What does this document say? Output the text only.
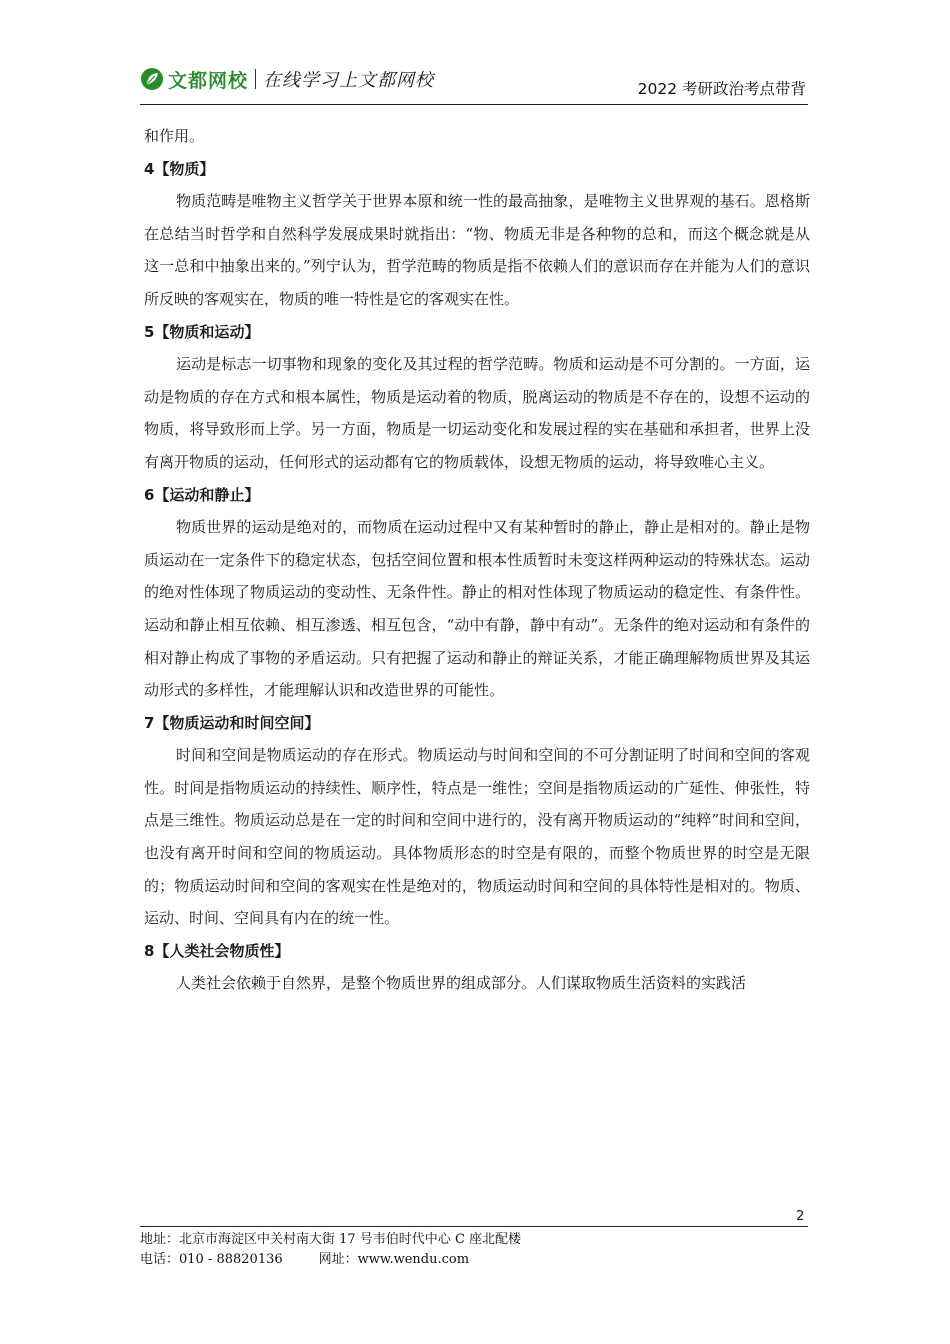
文都网校 在线学习上文都网校	2022 考研政治考点带背

和作用。

4【物质】

物质范畴是唯物主义哲学关于世界本原和统一性的最高抽象，是唯物主义世界观的基石。恩格斯在总结当时哲学和自然科学发展成果时就指出：“物、物质无非是各种物的总和，而这个概念就是从这一总和中抽象出来的。”列宁认为，哲学范畴的物质是指不依赖人们的意识而存在并能为人们的意识所反映的客观实在，物质的唯一特性是它的客观实在性。

5【物质和运动】

运动是标志一切事物和现象的变化及其过程的哲学范畴。物质和运动是不可分割的。一方面，运动是物质的存在方式和根本属性，物质是运动着的物质，脱离运动的物质是不存在的，设想不运动的物质，将导致形而上学。另一方面，物质是一切运动变化和发展过程的实在基础和承担者，世界上没有离开物质的运动，任何形式的运动都有它的物质载体，设想无物质的运动，将导致唯心主义。

6【运动和静止】

物质世界的运动是绝对的，而物质在运动过程中又有某种暂时的静止，静止是相对的。静止是物质运动在一定条件下的稳定状态，包括空间位置和根本性质暂时未变这样两种运动的特殊状态。运动的绝对性体现了物质运动的变动性、无条件性。静止的相对性体现了物质运动的稳定性、有条件性。运动和静止相互依赖、相互渗透、相互包含，“动中有静，静中有动”。无条件的绝对运动和有条件的相对静止构成了事物的矛盾运动。只有把握了运动和静止的辩证关系，才能正确理解物质世界及其运动形式的多样性，才能理解认识和改造世界的可能性。

7【物质运动和时间空间】

时间和空间是物质运动的存在形式。物质运动与时间和空间的不可分割证明了时间和空间的客观性。时间是指物质运动的持续性、顺序性，特点是一维性；空间是指物质运动的广延性、伸张性，特点是三维性。物质运动总是在一定的时间和空间中进行的，没有离开物质运动的“纯粹”时间和空间，也没有离开时间和空间的物质运动。具体物质形态的时空是有限的，而整个物质世界的时空是无限的；物质运动时间和空间的客观实在性是绝对的，物质运动时间和空间的具体特性是相对的。物质、运动、时间、空间具有内在的统一性。

8【人类社会物质性】

人类社会依赖于自然界，是整个物质世界的组成部分。人们谋取物质生活资料的实践活

2
地址：北京市海淀区中关村南大街 17 号韦伯时代中心 C 座北配楼
电话：010 - 88820136	网址：www.wendu.com
